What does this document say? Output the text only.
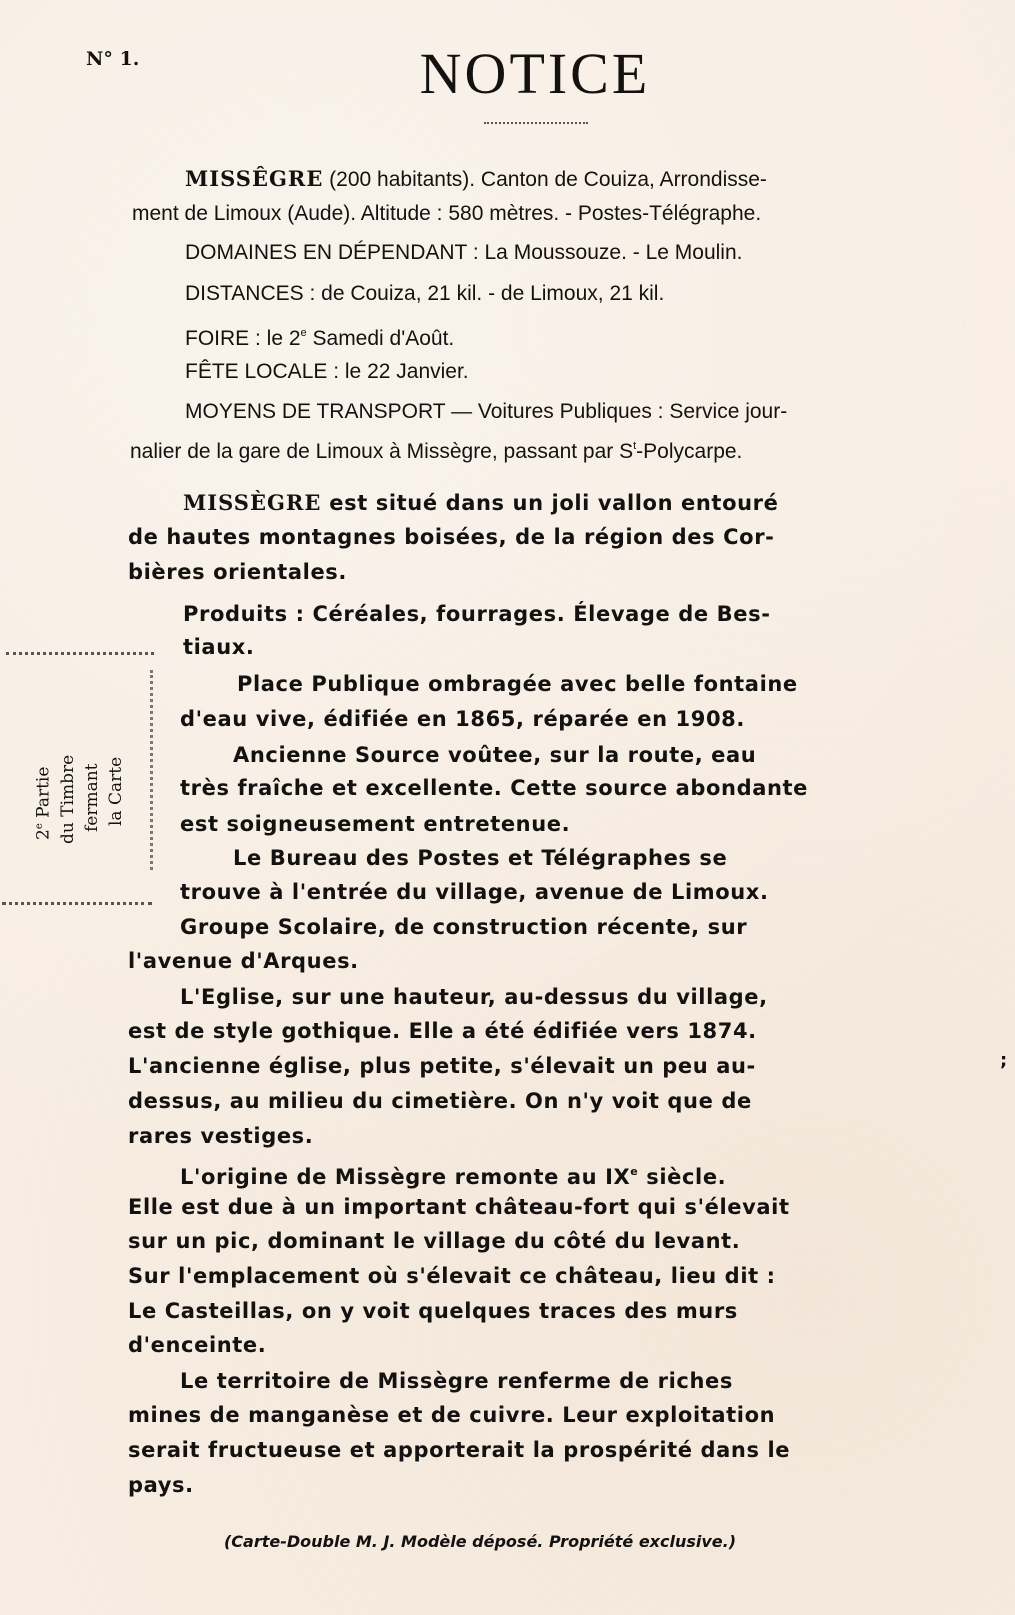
N° 1.	NOTICE
MISSÊGRE (200 habitants). Canton de Couiza, Arrondisse-
ment de Limoux (Aude). Altitude : 580 mètres. - Postes-Télégraphe.
DOMAINES EN DÉPENDANT : La Moussouze. - Le Moulin.
DISTANCES : de Couiza, 21 kil. - de Limoux, 21 kil.
FOIRE : le 2e Samedi d'Août.
FÊTE LOCALE : le 22 Janvier.
MOYENS DE TRANSPORT — Voitures Publiques : Service jour-
nalier de la gare de Limoux à Missègre, passant par $S^t$-Polycarpe.
MISSÈGRE est situé dans un joli vallon entouré
de hautes montagnes boisées, de la région des Cor-
bières orientales.
Produits : Céréales, fourrages. Élevage de Bes-
tiaux.
Place Publique ombragée avec belle fontaine
d'eau vive, édifiée en 1865, réparée en 1908.
Ancienne Source voûtee, sur la route, eau
très fraîche et excellente. Cette source abondante
est soigneusement entretenue.
Le Bureau des Postes et Télégraphes se
trouve à l'entrée du village, avenue de Limoux.
Groupe Scolaire, de construction récente, sur
l'avenue d'Arques.
L'Eglise, sur une hauteur, au-dessus du village,
est de style gothique. Elle a été édifiée vers 1874.
L'ancienne église, plus petite, s'élevait un peu au-
dessus, au milieu du cimetière. On n'y voit que de
rares vestiges.
L'origine de Missègre remonte au IXe siècle.
Elle est due à un important château-fort qui s'élevait
sur un pic, dominant le village du côté du levant.
Sur l'emplacement où s'élevait ce château, lieu dit :
Le Casteillas, on y voit quelques traces des murs
d'enceinte.
Le territoire de Missègre renferme de riches
mines de manganèse et de cuivre. Leur exploitation
serait fructueuse et apporterait la prospérité dans le
pays.
2e Partie du Timbre fermant la Carte
;
(Carte-Double M. J. Modèle déposé. Propriété exclusive.)
